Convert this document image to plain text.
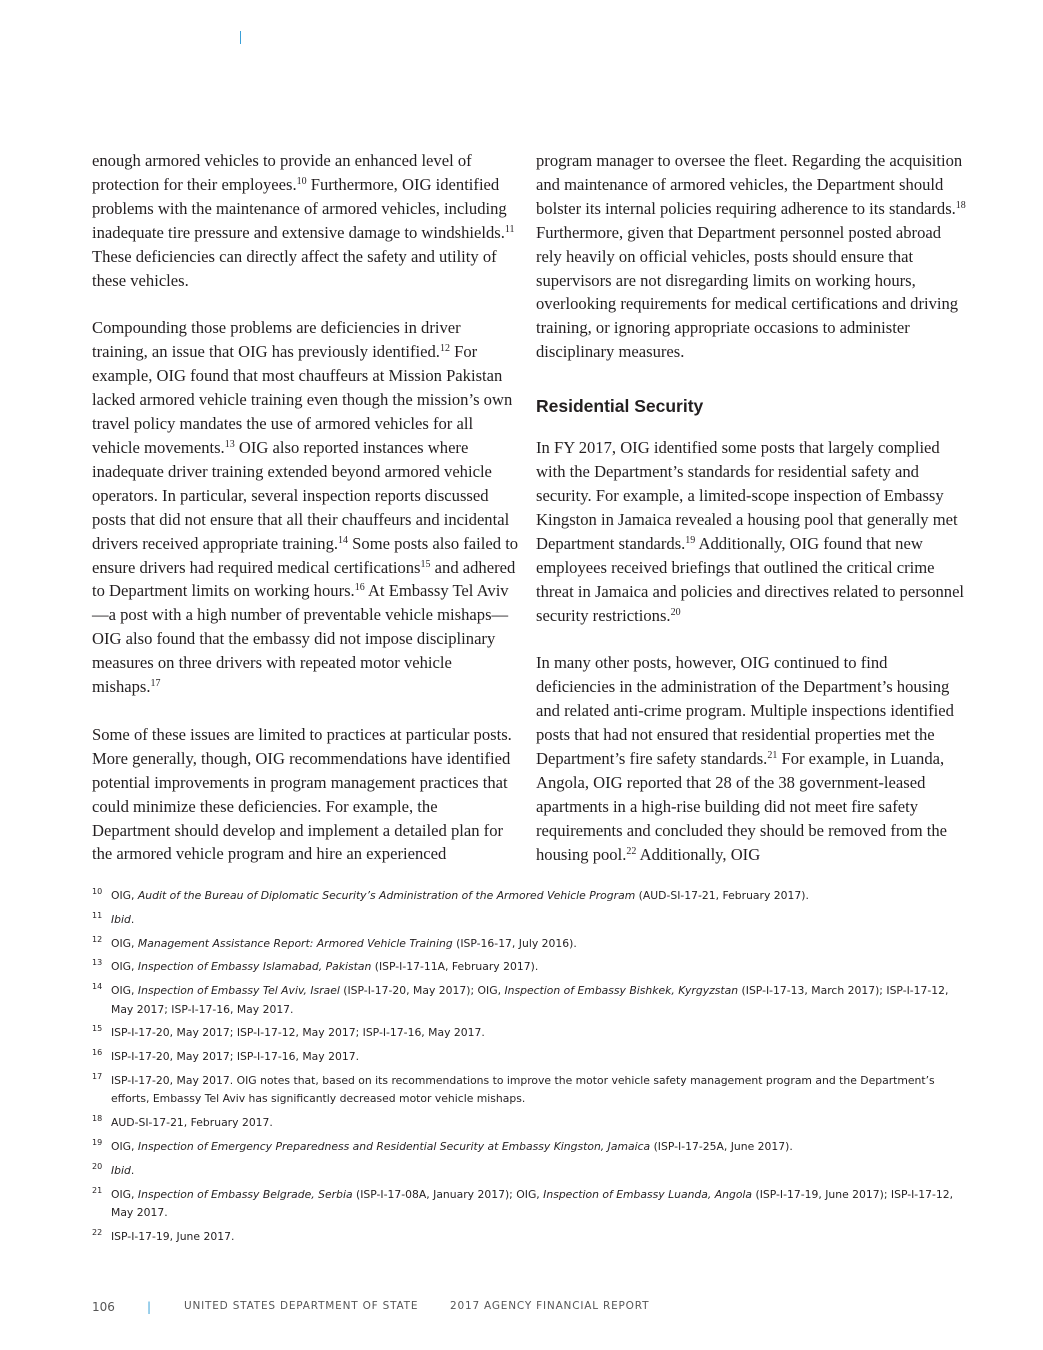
enough armored vehicles to provide an enhanced level of protection for their employees.$^{10}$ Furthermore, OIG identified problems with the maintenance of armored vehicles, including inadequate tire pressure and extensive damage to windshields.$^{11}$ These deficiencies can directly affect the safety and utility of these vehicles.

Compounding those problems are deficiencies in driver training, an issue that OIG has previously identified.$^{12}$ For example, OIG found that most chauffeurs at Mission Pakistan lacked armored vehicle training even though the mission’s own travel policy mandates the use of armored vehicles for all vehicle movements.$^{13}$ OIG also reported instances where inadequate driver training extended beyond armored vehicle operators. In particular, several inspection reports discussed posts that did not ensure that all their chauffeurs and incidental drivers received appropriate training.$^{14}$ Some posts also failed to ensure drivers had required medical certifications$^{15}$ and adhered to Department limits on working hours.$^{16}$ At Embassy Tel Aviv—a post with a high number of preventable vehicle mishaps—OIG also found that the embassy did not impose disciplinary measures on three drivers with repeated motor vehicle mishaps.$^{17}$

Some of these issues are limited to practices at particular posts. More generally, though, OIG recommendations have identified potential improvements in program management practices that could minimize these deficiencies. For example, the Department should develop and implement a detailed plan for the armored vehicle program and hire an experienced

program manager to oversee the fleet. Regarding the acquisition and maintenance of armored vehicles, the Department should bolster its internal policies requiring adherence to its standards.$^{18}$ Furthermore, given that Department personnel posted abroad rely heavily on official vehicles, posts should ensure that supervisors are not disregarding limits on working hours, overlooking requirements for medical certifications and driving training, or ignoring appropriate occasions to administer disciplinary measures.

Residential Security

In FY 2017, OIG identified some posts that largely complied with the Department’s standards for residential safety and security. For example, a limited-scope inspection of Embassy Kingston in Jamaica revealed a housing pool that generally met Department standards.$^{19}$ Additionally, OIG found that new employees received briefings that outlined the critical crime threat in Jamaica and policies and directives related to personnel security restrictions.$^{20}$

In many other posts, however, OIG continued to find deficiencies in the administration of the Department’s housing and related anti-crime program. Multiple inspections identified posts that had not ensured that residential properties met the Department’s fire safety standards.$^{21}$ For example, in Luanda, Angola, OIG reported that 28 of the 38 government-leased apartments in a high-rise building did not meet fire safety requirements and concluded they should be removed from the housing pool.$^{22}$ Additionally, OIG

10 OIG, Audit of the Bureau of Diplomatic Security’s Administration of the Armored Vehicle Program (AUD-SI-17-21, February 2017).
11 Ibid.
12 OIG, Management Assistance Report: Armored Vehicle Training (ISP-16-17, July 2016).
13 OIG, Inspection of Embassy Islamabad, Pakistan (ISP-I-17-11A, February 2017).
14 OIG, Inspection of Embassy Tel Aviv, Israel (ISP-I-17-20, May 2017); OIG, Inspection of Embassy Bishkek, Kyrgyzstan (ISP-I-17-13, March 2017); ISP-I-17-12, May 2017; ISP-I-17-16, May 2017.
15 ISP-I-17-20, May 2017; ISP-I-17-12, May 2017; ISP-I-17-16, May 2017.
16 ISP-I-17-20, May 2017; ISP-I-17-16, May 2017.
17 ISP-I-17-20, May 2017. OIG notes that, based on its recommendations to improve the motor vehicle safety management program and the Department’s efforts, Embassy Tel Aviv has significantly decreased motor vehicle mishaps.
18 AUD-SI-17-21, February 2017.
19 OIG, Inspection of Emergency Preparedness and Residential Security at Embassy Kingston, Jamaica (ISP-I-17-25A, June 2017).
20 Ibid.
21 OIG, Inspection of Embassy Belgrade, Serbia (ISP-I-17-08A, January 2017); OIG, Inspection of Embassy Luanda, Angola (ISP-I-17-19, June 2017); ISP-I-17-12, May 2017.
22 ISP-I-17-19, June 2017.
106	|	UNITED STATES DEPARTMENT OF STATE	2017 AGENCY FINANCIAL REPORT
